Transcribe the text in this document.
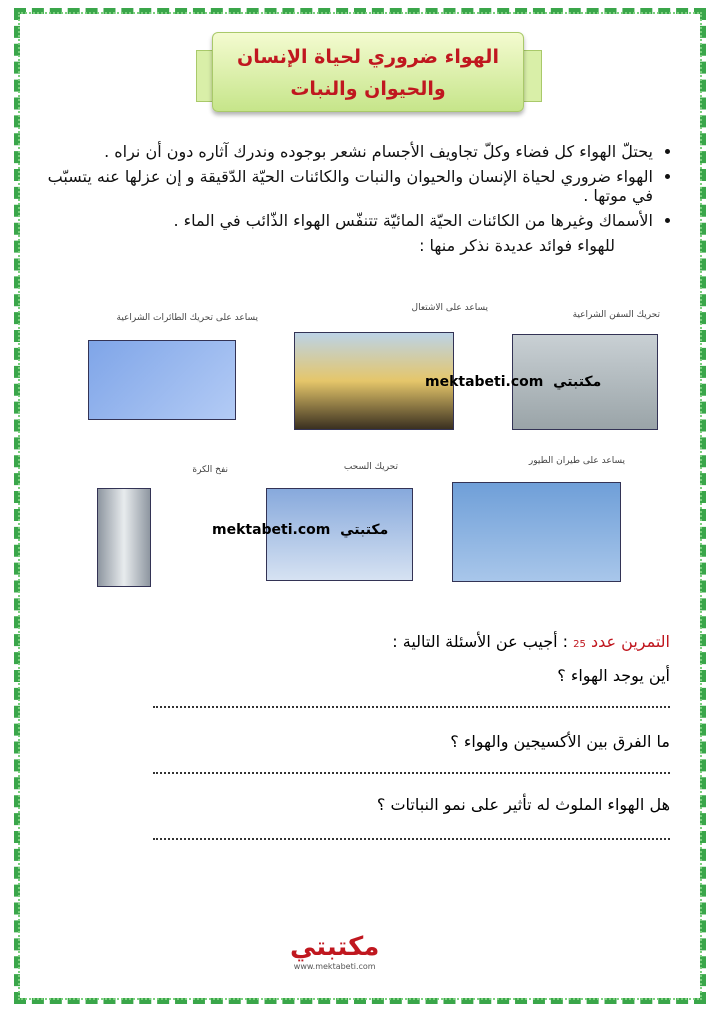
الهواء ضروري لحياة الإنسان
والحيوان والنبات
• يحتلّ الهواء كل فضاء وكلّ تجاويف الأجسام نشعر بوجوده وندرك آثاره دون أن نراه .
• الهواء ضروري لحياة الإنسان والحيوان والنبات والكائنات الحيّة الدّقيقة و إن عزلها عنه يتسبّب في موتها .
• الأسماك وغيرها من الكائنات الحيّة المائيّة تتنفّس الهواء الذّائب في الماء .
للهواء فوائد عديدة نذكر منها :
تحريك السفن الشراعية
يساعد على الاشتعال
يساعد على تحريك الطائرات الشراعية
mektabeti.com مكتبتي
يساعد على طيران الطيور
تحريك السحب
نفخ الكرة
mektabeti.com مكتبتي
التمرين عدد 25 : أجيب عن الأسئلة التالية :
أين يوجد الهواء ؟
ما الفرق بين الأكسيجين والهواء ؟
هل الهواء الملوث له تأثير على نمو النباتات ؟
مكتبتي
www.mektabeti.com
